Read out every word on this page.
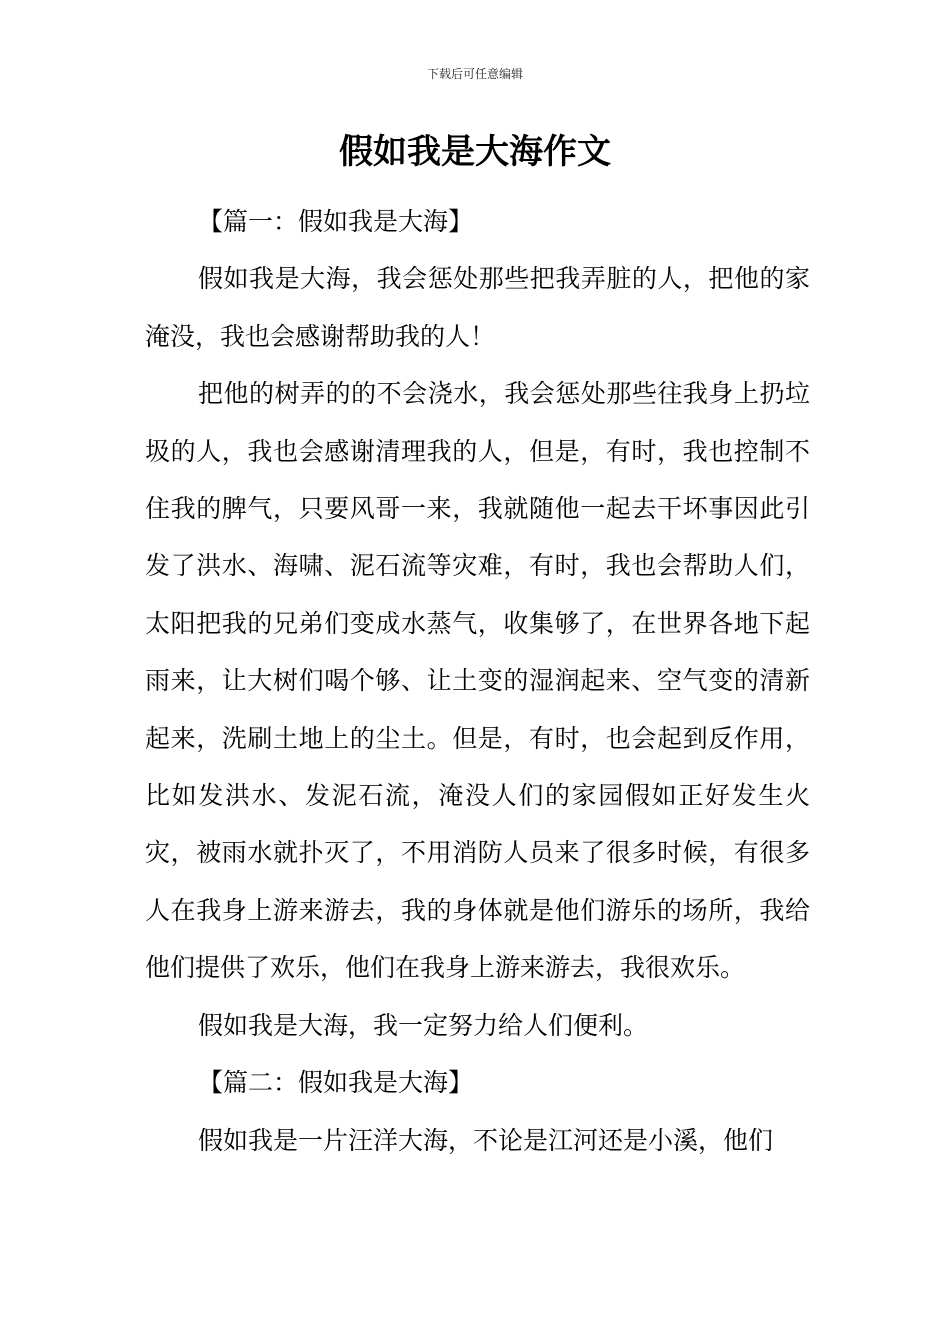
下载后可任意编辑
假如我是大海作文

【篇一：假如我是大海】

假如我是大海，我会惩处那些把我弄脏的人，把他的家淹没，我也会感谢帮助我的人！

把他的树弄的的不会浇水，我会惩处那些往我身上扔垃圾的人，我也会感谢清理我的人，但是，有时，我也控制不住我的脾气，只要风哥一来，我就随他一起去干坏事因此引发了洪水、海啸、泥石流等灾难，有时，我也会帮助人们，太阳把我的兄弟们变成水蒸气，收集够了，在世界各地下起雨来，让大树们喝个够、让土变的湿润起来、空气变的清新起来，洗刷土地上的尘土。但是，有时，也会起到反作用，比如发洪水、发泥石流，淹没人们的家园假如正好发生火灾，被雨水就扑灭了，不用消防人员来了很多时候，有很多人在我身上游来游去，我的身体就是他们游乐的场所，我给他们提供了欢乐，他们在我身上游来游去，我很欢乐。

假如我是大海，我一定努力给人们便利。

【篇二：假如我是大海】

假如我是一片汪洋大海，不论是江河还是小溪，他们
